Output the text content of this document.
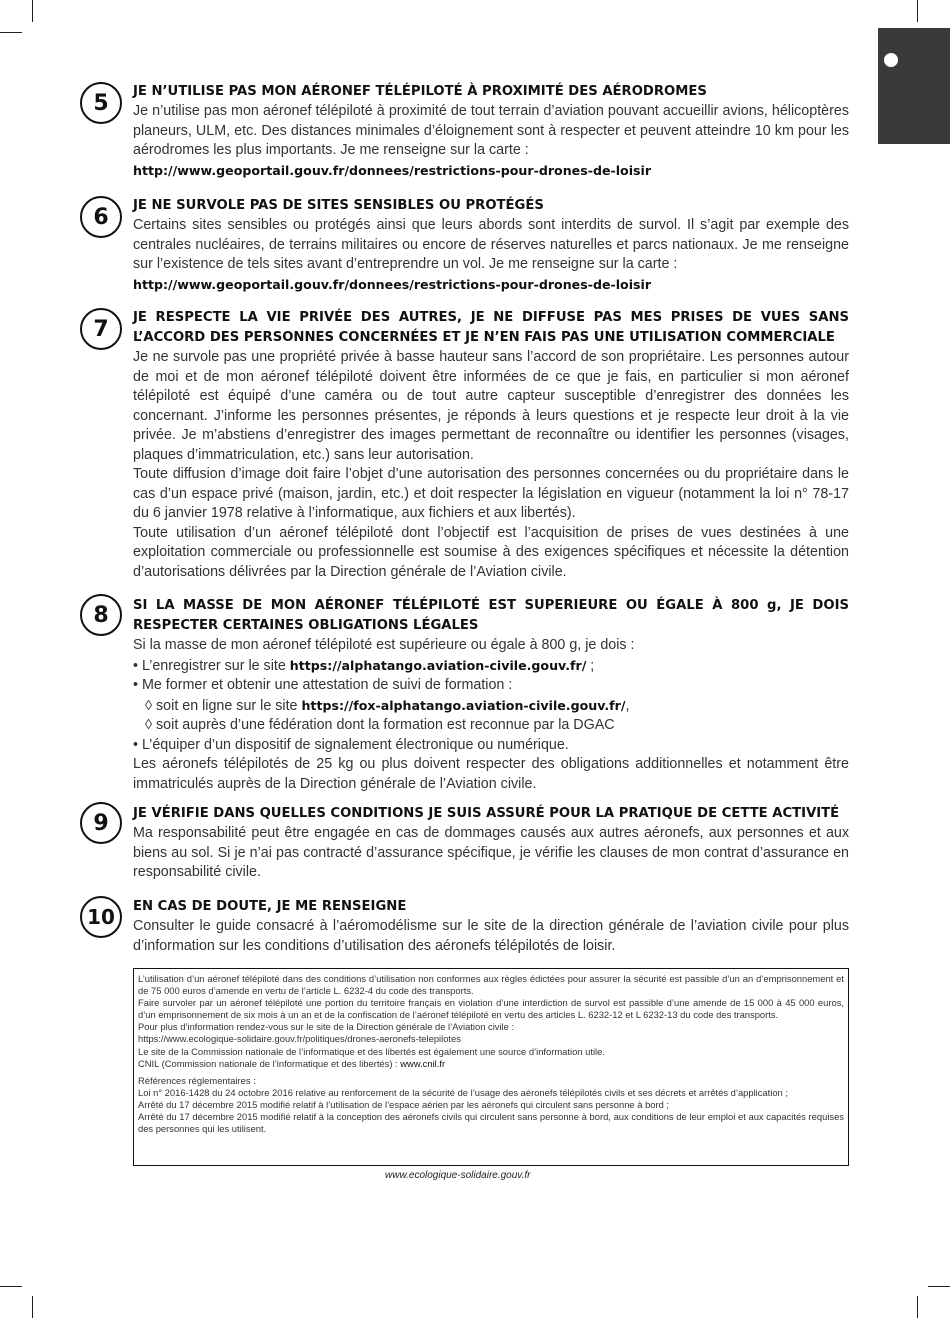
5	JE N’UTILISE PAS MON AÉRONEF TÉLÉPILOTÉ À PROXIMITÉ DES AÉRODROMES

Je n’utilise pas mon aéronef télépiloté à proximité de tout terrain d’aviation pouvant accueillir avions, hélicoptères planeurs, ULM, etc. Des distances minimales d’éloignement sont à respecter et peuvent atteindre 10 km pour les aérodromes les plus importants. Je me renseigne sur la carte :

http://www.geoportail.gouv.fr/donnees/restrictions-pour-drones-de-loisir

6	JE NE SURVOLE PAS DE SITES SENSIBLES OU PROTÉGÉS

Certains sites sensibles ou protégés ainsi que leurs abords sont interdits de survol. Il s’agit par exemple des centrales nucléaires, de terrains militaires ou encore de réserves naturelles et parcs nationaux. Je me renseigne sur l’existence de tels sites avant d’entreprendre un vol. Je me renseigne sur la carte :

http://www.geoportail.gouv.fr/donnees/restrictions-pour-drones-de-loisir

7	JE RESPECTE LA VIE PRIVÉE DES AUTRES, JE NE DIFFUSE PAS MES PRISES DE VUES SANS L’ACCORD DES PERSONNES CONCERNÉES ET JE N’EN FAIS PAS UNE UTILISATION COMMERCIALE

Je ne survole pas une propriété privée à basse hauteur sans l’accord de son propriétaire. Les personnes autour de moi et de mon aéronef télépiloté doivent être informées de ce que je fais, en particulier si mon aéronef télépiloté est équipé d’une caméra ou de tout autre capteur susceptible d’enregistrer des données les concernant. J’informe les personnes présentes, je réponds à leurs questions et je respecte leur droit à la vie privée. Je m’abstiens d’enregistrer des images permettant de reconnaître ou identifier les personnes (visages, plaques d’immatriculation, etc.) sans leur autorisation.

Toute diffusion d’image doit faire l’objet d’une autorisation des personnes concernées ou du propriétaire dans le cas d’un espace privé (maison, jardin, etc.) et doit respecter la législation en vigueur (notamment la loi n° 78-17 du 6 janvier 1978 relative à l’informatique, aux fichiers et aux libertés).

Toute utilisation d’un aéronef télépiloté dont l’objectif est l’acquisition de prises de vues destinées à une exploitation commerciale ou professionnelle est soumise à des exigences spécifiques et nécessite la détention d’autorisations délivrées par la Direction générale de l’Aviation civile.

8	SI LA MASSE DE MON AÉRONEF TÉLÉPILOTÉ EST SUPERIEURE OU ÉGALE À 800 g, JE DOIS RESPECTER CERTAINES OBLIGATIONS LÉGALES

Si la masse de mon aéronef télépiloté est supérieure ou égale à 800 g, je dois :

• L’enregistrer sur le site https://alphatango.aviation-civile.gouv.fr/ ;

• Me former et obtenir une attestation de suivi de formation :

◊ soit en ligne sur le site https://fox-alphatango.aviation-civile.gouv.fr/,

◊ soit auprès d’une fédération dont la formation est reconnue par la DGAC

• L’équiper d’un dispositif de signalement électronique ou numérique.

Les aéronefs télépilotés de 25 kg ou plus doivent respecter des obligations additionnelles et notamment être immatriculés auprès de la Direction générale de l’Aviation civile.

9	JE VÉRIFIE DANS QUELLES CONDITIONS JE SUIS ASSURÉ POUR LA PRATIQUE DE CETTE ACTIVITÉ

Ma responsabilité peut être engagée en cas de dommages causés aux autres aéronefs, aux personnes et aux biens au sol. Si je n’ai pas contracté d’assurance spécifique, je vérifie les clauses de mon contrat d’assurance en responsabilité civile.

10	EN CAS DE DOUTE, JE ME RENSEIGNE

Consulter le guide consacré à l’aéromodélisme sur le site de la direction générale de l’aviation civile pour plus d’information sur les conditions d’utilisation des aéronefs télépilotés de loisir.

L’utilisation d’un aéronef télépiloté dans des conditions d’utilisation non conformes aux règles édictées pour assurer la sécurité est passible d’un an d’emprisonnement et de 75 000 euros d’amende en vertu de l’article L. 6232-4 du code des transports.

Faire survoler par un aéronef télépiloté une portion du territoire français en violation d’une interdiction de survol est passible d’une amende de 15 000 à 45 000 euros, d’un emprisonnement de six mois à un an et de la confiscation de l’aéronef télépiloté en vertu des articles L. 6232-12 et L 6232-13 du code des transports.

Pour plus d’information rendez-vous sur le site de la Direction générale de l’Aviation civile :

https://www.ecologique-solidaire.gouv.fr/politiques/drones-aeronefs-telepilotes

Le site de la Commission nationale de l’informatique et des libertés est également une source d’information utile.

CNIL (Commission nationale de l’informatique et des libertés) : www.cnil.fr

Références réglementaires :

Loi n° 2016-1428 du 24 octobre 2016 relative au renforcement de la sécurité de l’usage des aéronefs télépilotés civils et ses décrets et arrêtés d’application ;

Arrêté du 17 décembre 2015 modifié relatif à l’utilisation de l’espace aérien par les aéronefs qui circulent sans personne à bord ;

Arrêté du 17 décembre 2015 modifié relatif à la conception des aéronefs civils qui circulent sans personne à bord, aux conditions de leur emploi et aux capacités requises des personnes qui les utilisent.

www.ecologique-solidaire.gouv.fr
